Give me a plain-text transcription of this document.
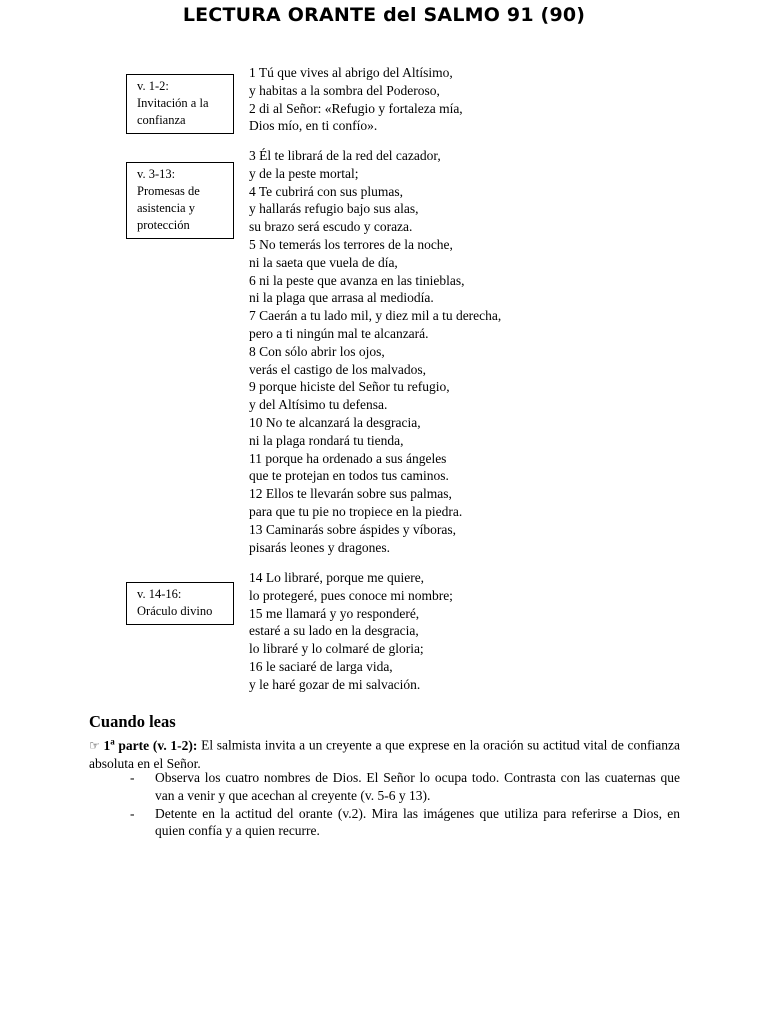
LECTURA ORANTE del SALMO 91 (90)
v. 1-2:
Invitación a la
confianza
1 Tú que vives al abrigo del Altísimo,
y habitas a la sombra del Poderoso,
2 di al Señor: «Refugio y fortaleza mía,
Dios mío, en ti confío».
v. 3-13:
Promesas de
asistencia y
protección
3 Él te librará de la red del cazador,
y de la peste mortal;
4 Te cubrirá con sus plumas,
y hallarás refugio bajo sus alas,
su brazo será escudo y coraza.
5 No temerás los terrores de la noche,
ni la saeta que vuela de día,
6 ni la peste que avanza en las tinieblas,
ni la plaga que arrasa al mediodía.
7 Caerán a tu lado mil, y diez mil a tu derecha,
pero a ti ningún mal te alcanzará.
8 Con sólo abrir los ojos,
verás el castigo de los malvados,
9 porque hiciste del Señor tu refugio,
y del Altísimo tu defensa.
10 No te alcanzará la desgracia,
ni la plaga rondará tu tienda,
11 porque ha ordenado a sus ángeles
que te protejan en todos tus caminos.
12 Ellos te llevarán sobre sus palmas,
para que tu pie no tropiece en la piedra.
13 Caminarás sobre áspides y víboras,
pisarás leones y dragones.
v. 14-16:
Oráculo divino
14 Lo libraré, porque me quiere,
lo protegeré, pues conoce mi nombre;
15 me llamará y yo responderé,
estaré a su lado en la desgracia,
lo libraré y lo colmaré de gloria;
16 le saciaré de larga vida,
y le haré gozar de mi salvación.
Cuando leas
☞ 1$^a$ parte (v. 1-2): El salmista invita a un creyente a que exprese en la oración su actitud vital de confianza absoluta en el Señor.
- Observa los cuatro nombres de Dios. El Señor lo ocupa todo. Contrasta con las cuaternas que van a venir y que acechan al creyente (v. 5-6 y 13).
- Detente en la actitud del orante (v.2). Mira las imágenes que utiliza para referirse a Dios, en quien confía y a quien recurre.
